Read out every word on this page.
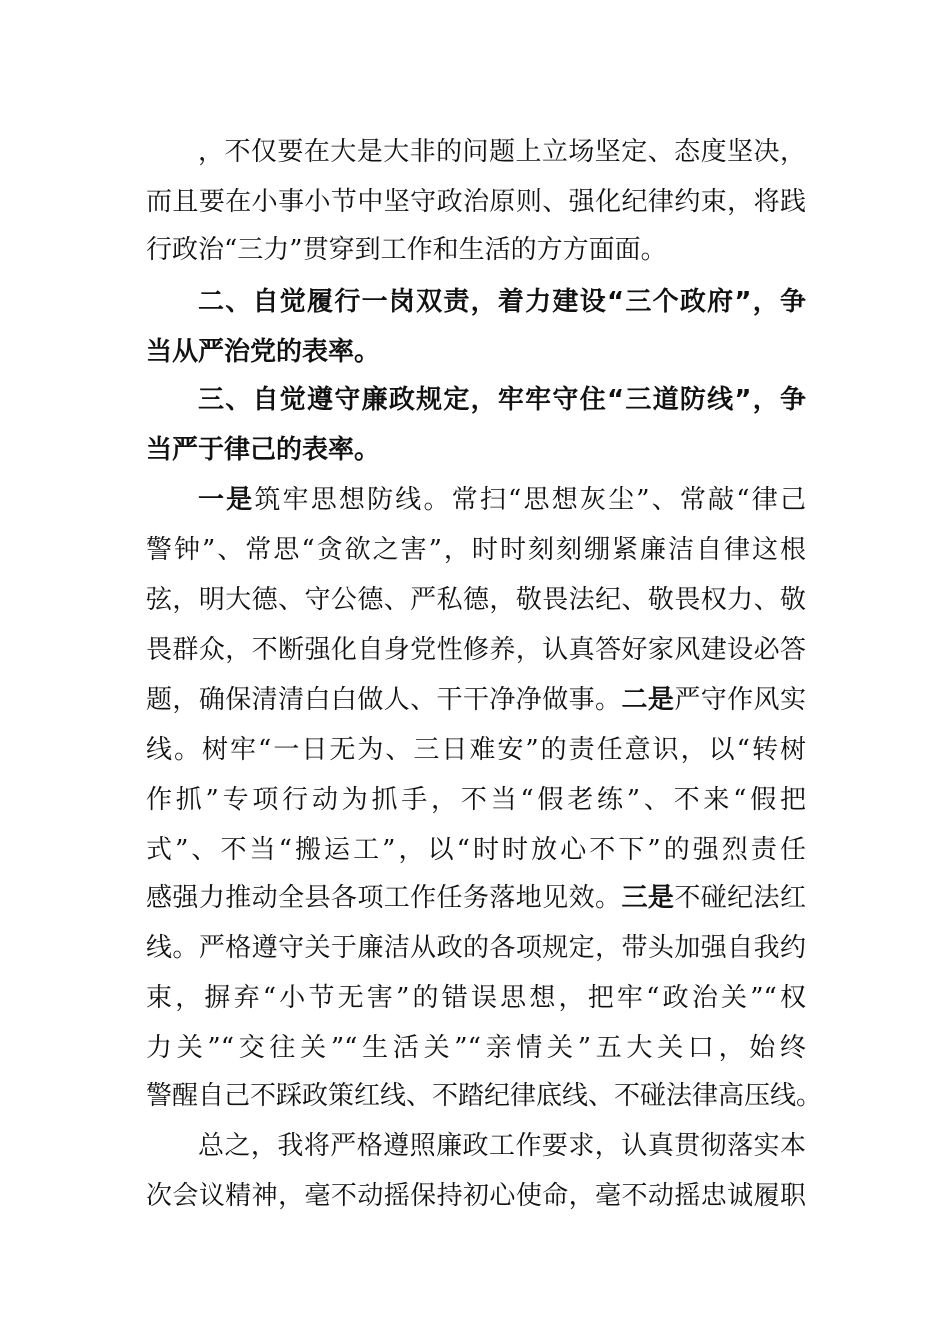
，不仅要在大是大非的问题上立场坚定、态度坚决，
而且要在小事小节中坚守政治原则、强化纪律约束，将践
行政治“三力”贯穿到工作和生活的方方面面。
二、自觉履行一岗双责，着力建设“三个政府”，争
当从严治党的表率。
三、自觉遵守廉政规定，牢牢守住“三道防线”，争
当严于律己的表率。
一是筑牢思想防线。常扫“思想灰尘”、常敲“律己
警钟”、常思“贪欲之害”，时时刻刻绷紧廉洁自律这根
弦，明大德、守公德、严私德，敬畏法纪、敬畏权力、敬
畏群众，不断强化自身党性修养，认真答好家风建设必答
题，确保清清白白做人、干干净净做事。二是严守作风实
线。树牢“一日无为、三日难安”的责任意识，以“转树
作抓”专项行动为抓手，不当“假老练”、不来“假把
式”、不当“搬运工”，以“时时放心不下”的强烈责任
感强力推动全县各项工作任务落地见效。三是不碰纪法红
线。严格遵守关于廉洁从政的各项规定，带头加强自我约
束，摒弃“小节无害”的错误思想，把牢“政治关”“权
力关”“交往关”“生活关”“亲情关”五大关口，始终
警醒自己不踩政策红线、不踏纪律底线、不碰法律高压线。
总之，我将严格遵照廉政工作要求，认真贯彻落实本
次会议精神，毫不动摇保持初心使命，毫不动摇忠诚履职
